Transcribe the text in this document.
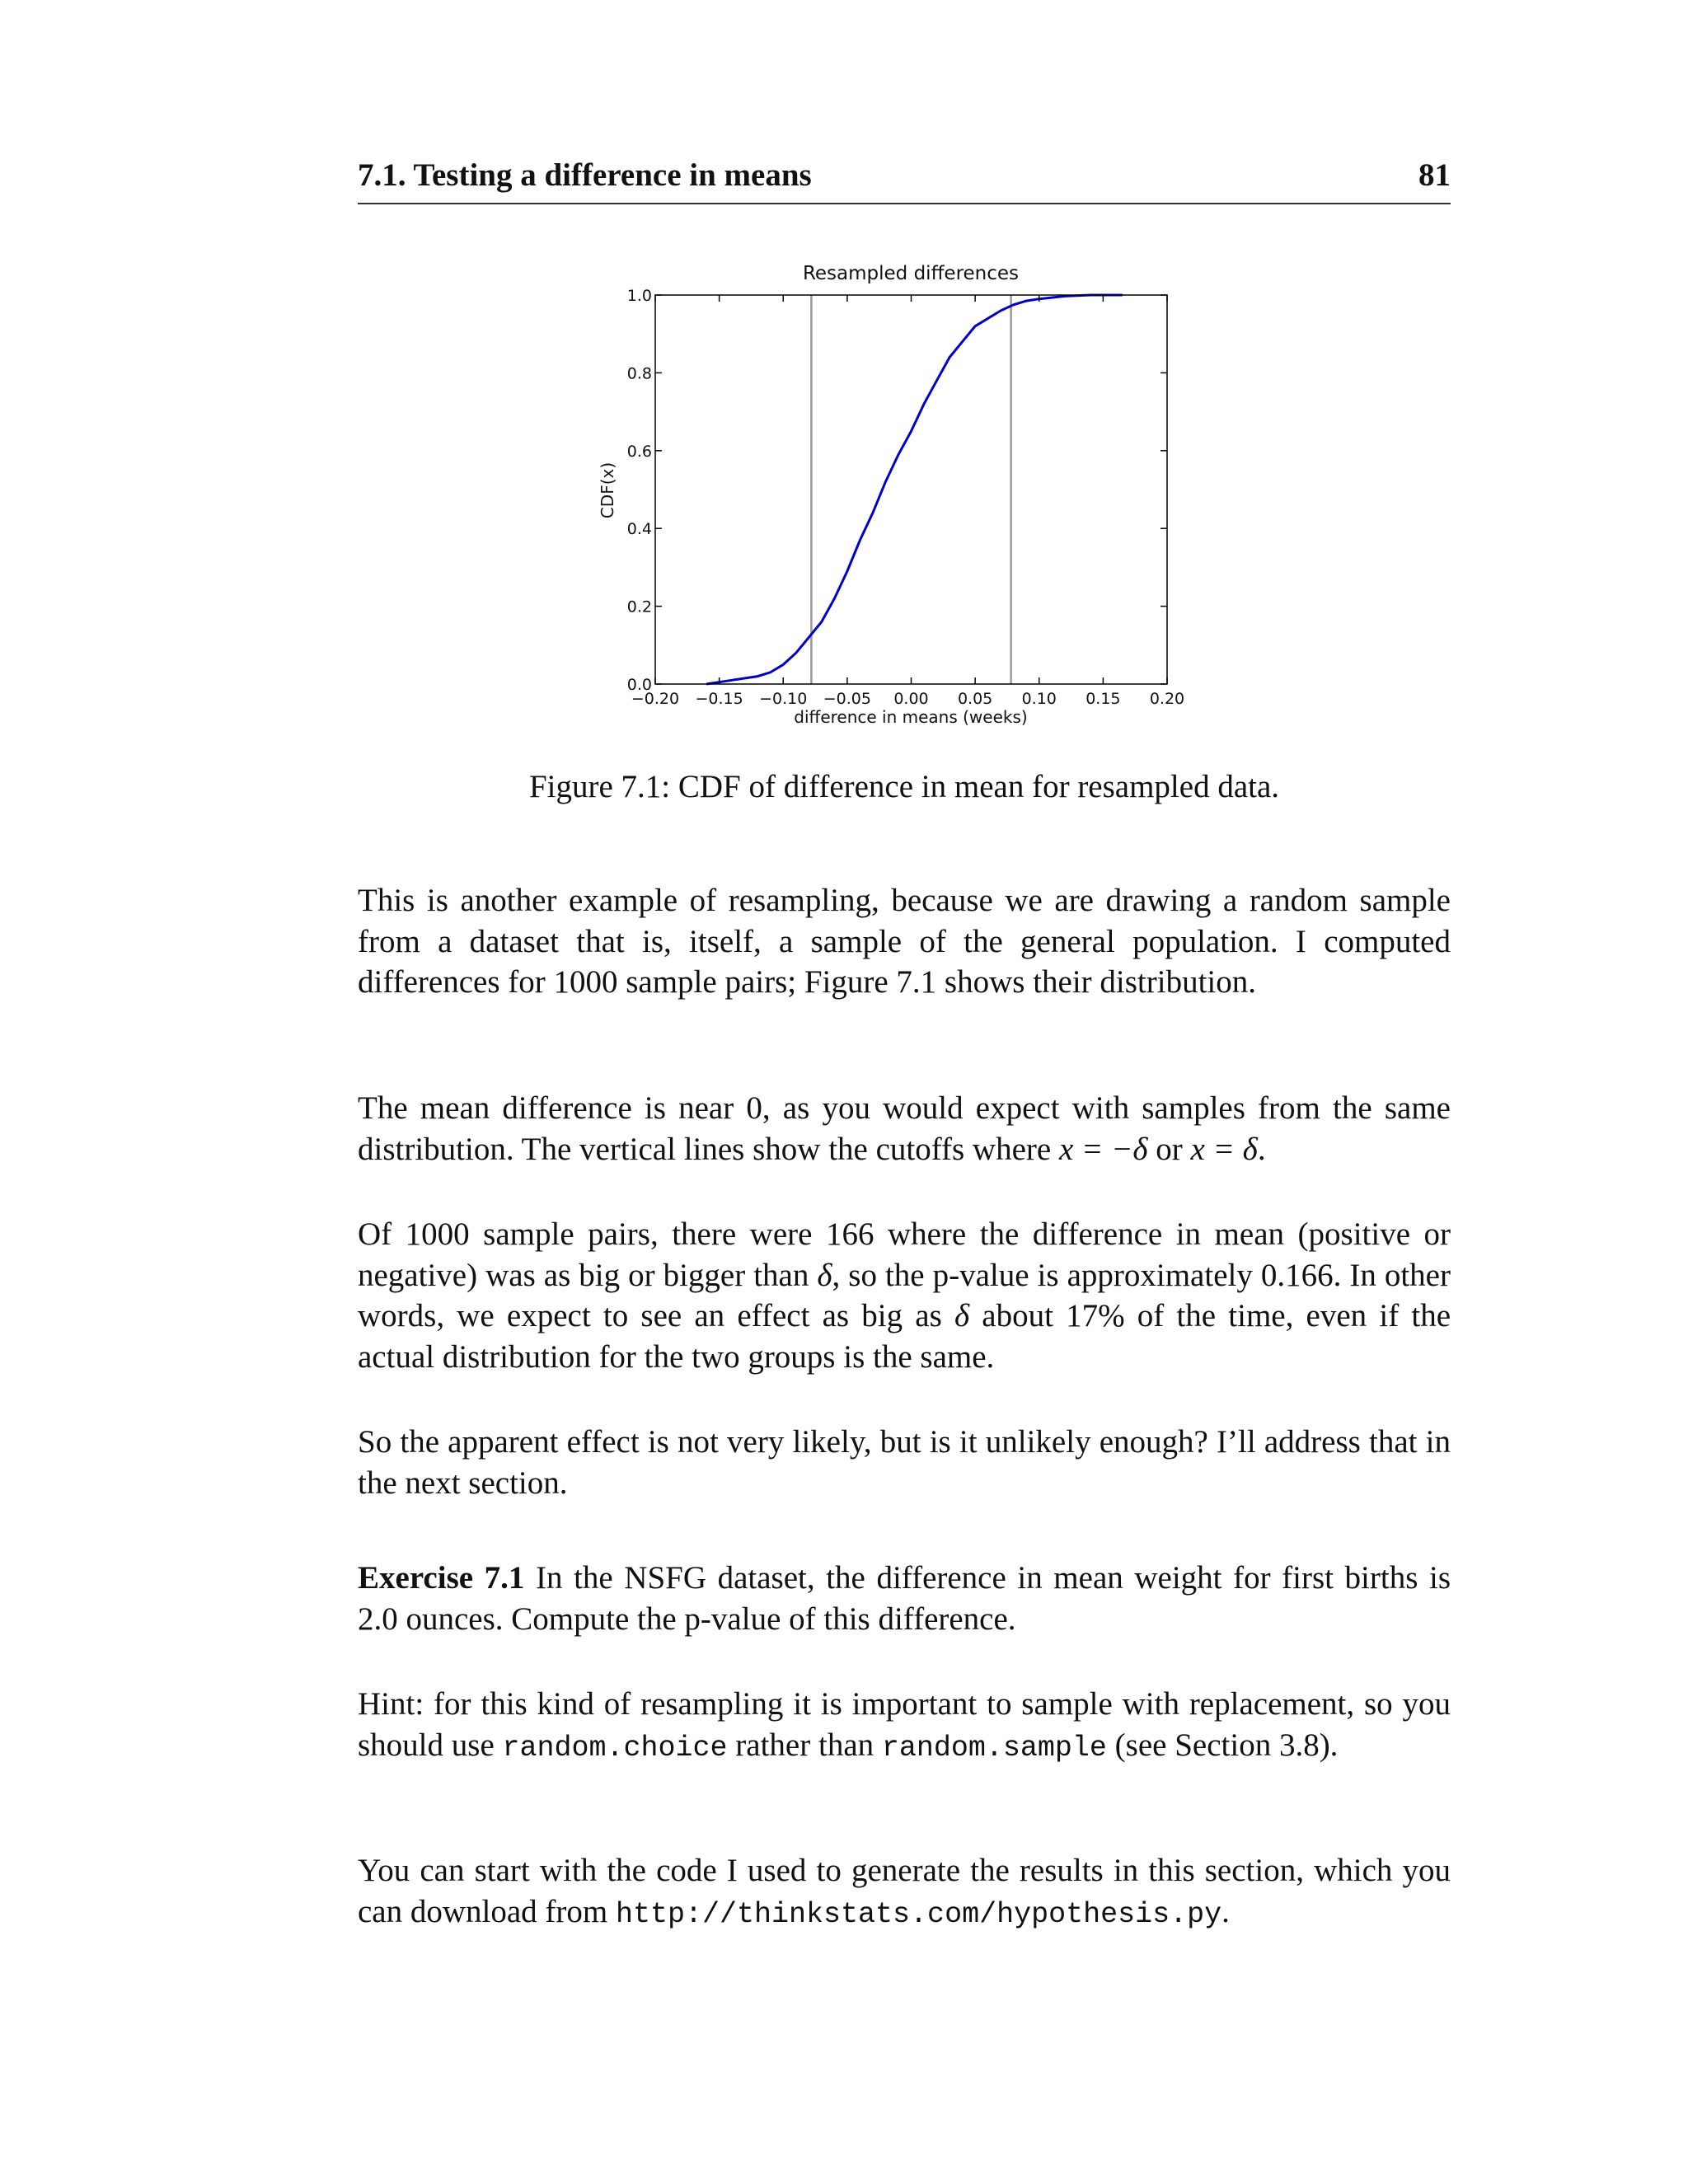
7.1. Testing a difference in means	81
Resampled differences
−0.20 −0.15 −0.10 −0.05 0.00 0.05 0.10 0.15 0.20
0.0
0.2
0.4
0.6
0.8
1.0
difference in means (weeks)
CDF(x)
Figure 7.1: CDF of difference in mean for resampled data.

This is another example of resampling, because we are drawing a random sample from a dataset that is, itself, a sample of the general population. I computed differences for 1000 sample pairs; Figure 7.1 shows their distribution.

The mean difference is near 0, as you would expect with samples from the same distribution. The vertical lines show the cutoffs where x = −δ or x = δ.

Of 1000 sample pairs, there were 166 where the difference in mean (positive or negative) was as big or bigger than δ, so the p-value is approximately 0.166. In other words, we expect to see an effect as big as δ about 17% of the time, even if the actual distribution for the two groups is the same.

So the apparent effect is not very likely, but is it unlikely enough? I’ll address that in the next section.

Exercise 7.1 In the NSFG dataset, the difference in mean weight for first births is 2.0 ounces. Compute the p-value of this difference.

Hint: for this kind of resampling it is important to sample with replacement, so you should use random.choice rather than random.sample (see Section 3.8).

You can start with the code I used to generate the results in this section, which you can download from http://thinkstats.com/hypothesis.py.
